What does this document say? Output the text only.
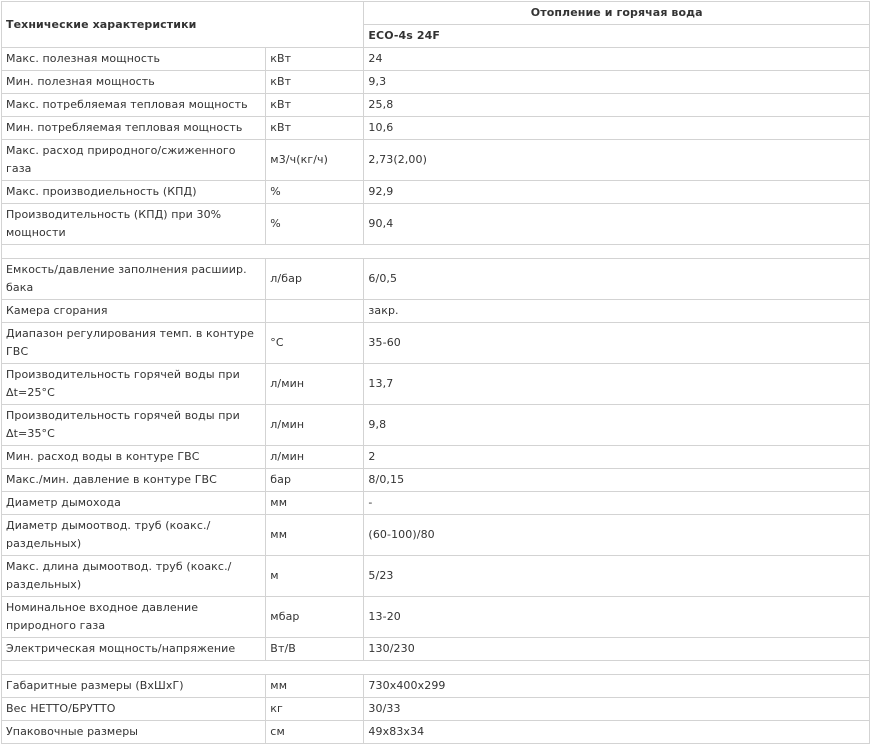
Технические характеристики		Отопление и горячая вода
		ECO-4s 24F
Макс. полезная мощность	кВт	24
Мин. полезная мощность	кВт	9,3
Макс. потребляемая тепловая мощность	кВт	25,8
Мин. потребляемая тепловая мощность	кВт	10,6
Макс. расход природного/сжиженного газа	м3/ч(кг/ч)	2,73(2,00)
Макс. производиельность (КПД)	%	92,9
Производительность (КПД) при 30% мощности	%	90,4

Емкость/давление заполнения расшиир. бака	л/бар	6/0,5
Камера сгорания		закр.
Диапазон регулирования темп. в контуре ГВС	°C	35-60
Производительность горячей воды при Δt=25°C	л/мин	13,7
Производительность горячей воды при Δt=35°C	л/мин	9,8
Мин. расход воды в контуре ГВС	л/мин	2
Макс./мин. давление в контуре ГВС	бар	8/0,15
Диаметр дымохода	мм	-
Диаметр дымоотвод. труб (коакс./раздельных)	мм	(60-100)/80
Макс. длина дымоотвод. труб (коакс./раздельных)	м	5/23
Номинальное входное давление природного газа	мбар	13-20
Электрическая мощность/напряжение	Вт/В	130/230

Габаритные размеры (ВхШхГ)	мм	730x400x299
Вес НЕТТО/БРУТТО	кг	30/33
Упаковочные размеры	см	49x83x34
